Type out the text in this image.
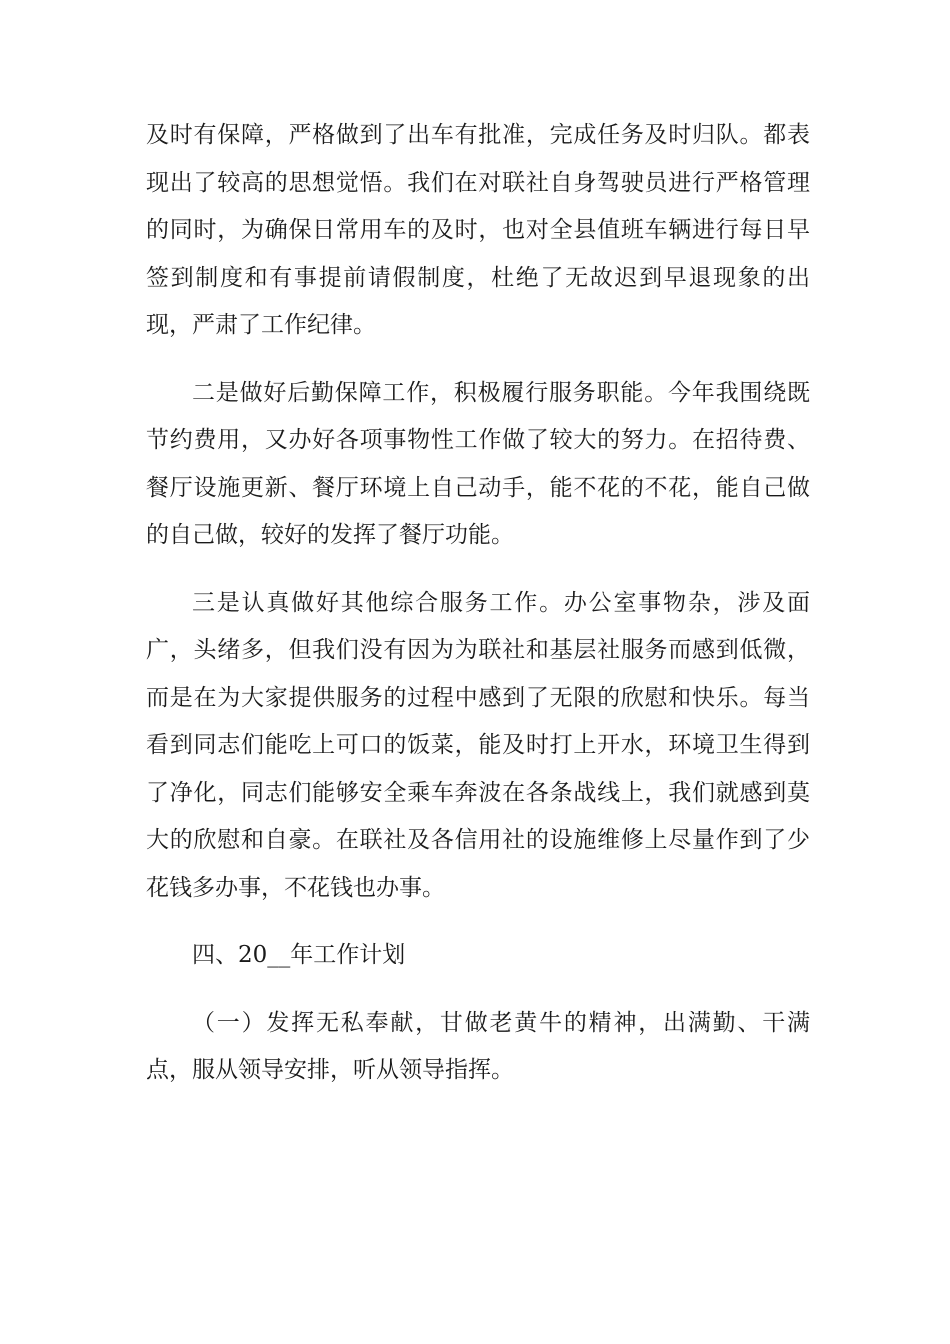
及时有保障，严格做到了出车有批准，完成任务及时归队。都表现出了较高的思想觉悟。我们在对联社自身驾驶员进行严格管理的同时，为确保日常用车的及时，也对全县值班车辆进行每日早签到制度和有事提前请假制度，杜绝了无故迟到早退现象的出现，严肃了工作纪律。

二是做好后勤保障工作，积极履行服务职能。今年我围绕既节约费用，又办好各项事物性工作做了较大的努力。在招待费、餐厅设施更新、餐厅环境上自己动手，能不花的不花，能自己做的自己做，较好的发挥了餐厅功能。

三是认真做好其他综合服务工作。办公室事物杂，涉及面广，头绪多，但我们没有因为为联社和基层社服务而感到低微，而是在为大家提供服务的过程中感到了无限的欣慰和快乐。每当看到同志们能吃上可口的饭菜，能及时打上开水，环境卫生得到了净化，同志们能够安全乘车奔波在各条战线上，我们就感到莫大的欣慰和自豪。在联社及各信用社的设施维修上尽量作到了少花钱多办事，不花钱也办事。

四、20__年工作计划

（一）发挥无私奉献，甘做老黄牛的精神，出满勤、干满点，服从领导安排，听从领导指挥。
